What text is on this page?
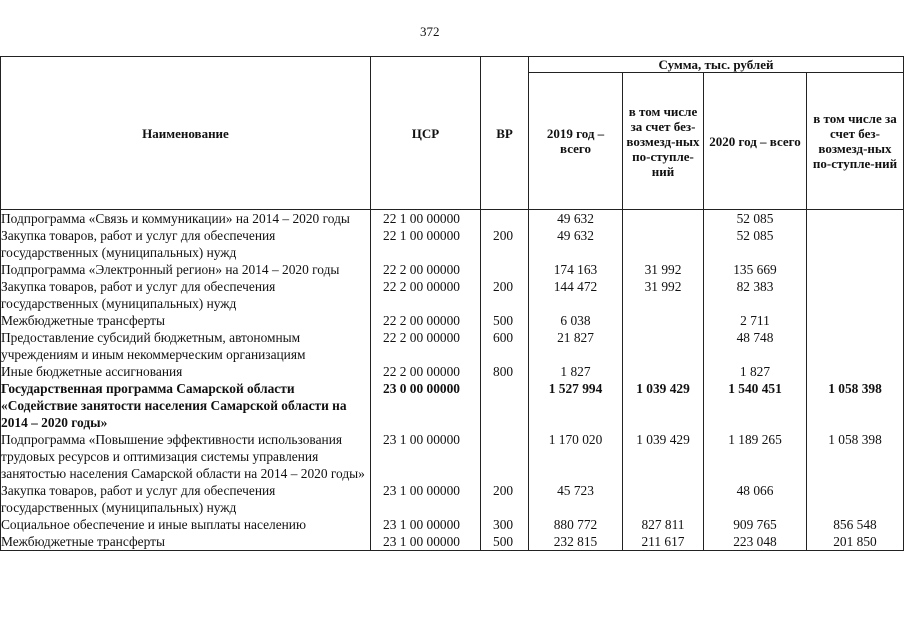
372
Наименование	ЦСР	ВР	Сумма, тыс. рублей			
			2019 год – всего	в том числе за счет без-возмезд-ных по-ступле-ний	2020 год – всего	в том числе за счет без-возмезд-ных по-ступле-ний
Подпрограмма «Связь и коммуникации» на 2014 – 2020 годы	22 1 00 00000		49 632		52 085	
Закупка товаров, работ и услуг для обеспечения государственных (муниципальных) нужд	22 1 00 00000	200	49 632		52 085	
Подпрограмма «Электронный регион» на 2014 – 2020 годы	22 2 00 00000		174 163	31 992	135 669	
Закупка товаров, работ и услуг для обеспечения государственных (муниципальных) нужд	22 2 00 00000	200	144 472	31 992	82 383	
Межбюджетные трансферты	22 2 00 00000	500	6 038		2 711	
Предоставление субсидий бюджетным, автономным учреждениям и иным некоммерческим организациям	22 2 00 00000	600	21 827		48 748	
Иные бюджетные ассигнования	22 2 00 00000	800	1 827		1 827	
Государственная программа Самарской области «Содействие занятости населения Самарской области на 2014 – 2020 годы»	23 0 00 00000		1 527 994	1 039 429	1 540 451	1 058 398
Подпрограмма «Повышение эффективности использования трудовых ресурсов и оптимизация системы управления занятостью населения Самарской области на 2014 – 2020 годы»	23 1 00 00000		1 170 020	1 039 429	1 189 265	1 058 398
Закупка товаров, работ и услуг для обеспечения государственных (муниципальных) нужд	23 1 00 00000	200	45 723		48 066	
Социальное обеспечение и иные выплаты населению	23 1 00 00000	300	880 772	827 811	909 765	856 548
Межбюджетные трансферты	23 1 00 00000	500	232 815	211 617	223 048	201 850
